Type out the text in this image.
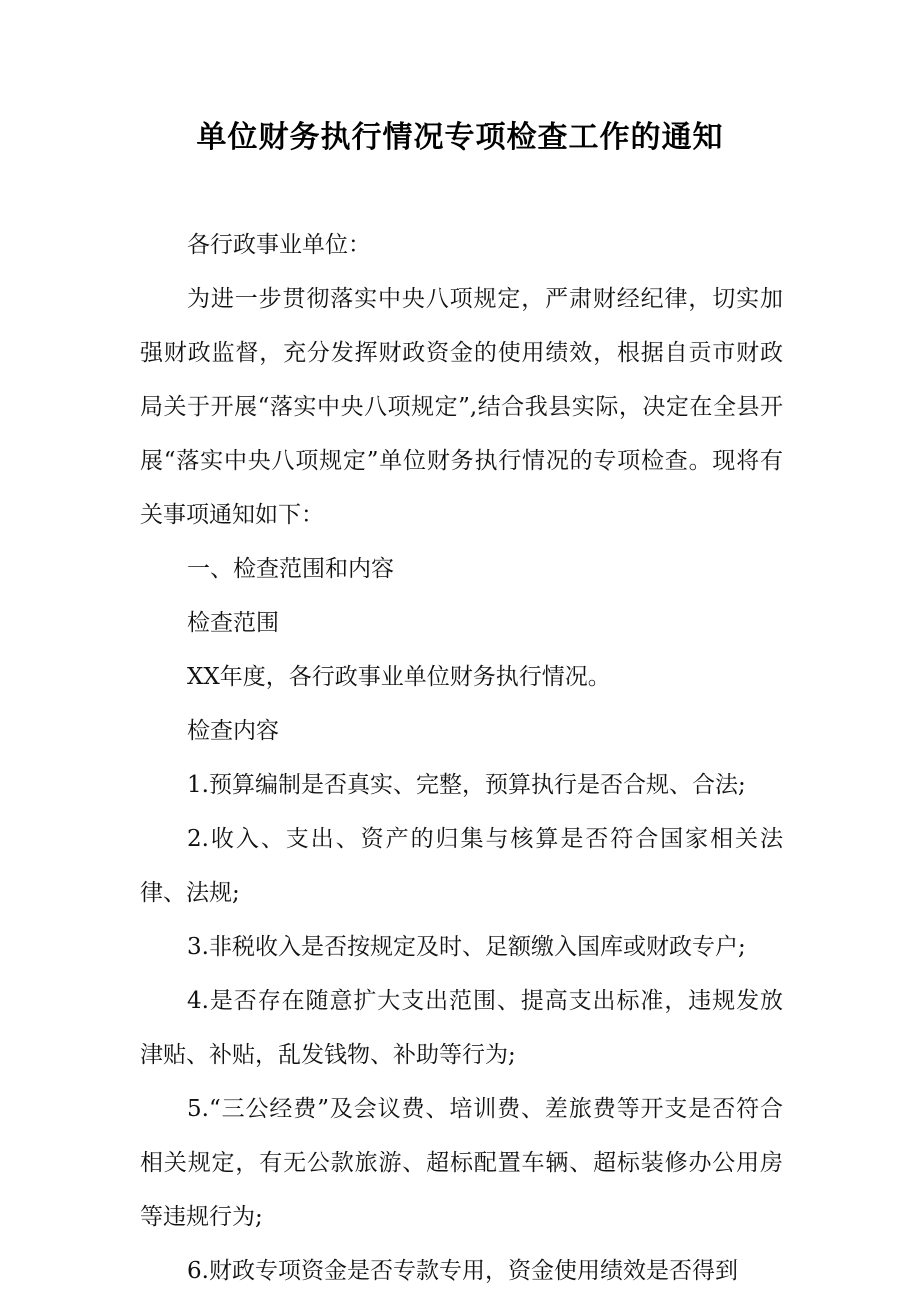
单位财务执行情况专项检查工作的通知

各行政事业单位：

为进一步贯彻落实中央八项规定，严肃财经纪律，切实加强财政监督，充分发挥财政资金的使用绩效，根据自贡市财政局关于开展“落实中央八项规定”,结合我县实际，决定在全县开展“落实中央八项规定”单位财务执行情况的专项检查。现将有关事项通知如下：

一、检查范围和内容

检查范围

XX年度，各行政事业单位财务执行情况。

检查内容

1.预算编制是否真实、完整，预算执行是否合规、合法;

2.收入、支出、资产的归集与核算是否符合国家相关法律、法规;

3.非税收入是否按规定及时、足额缴入国库或财政专户;

4.是否存在随意扩大支出范围、提高支出标准，违规发放津贴、补贴，乱发钱物、补助等行为;

5.“三公经费”及会议费、培训费、差旅费等开支是否符合相关规定，有无公款旅游、超标配置车辆、超标装修办公用房等违规行为;

6.财政专项资金是否专款专用，资金使用绩效是否得到
